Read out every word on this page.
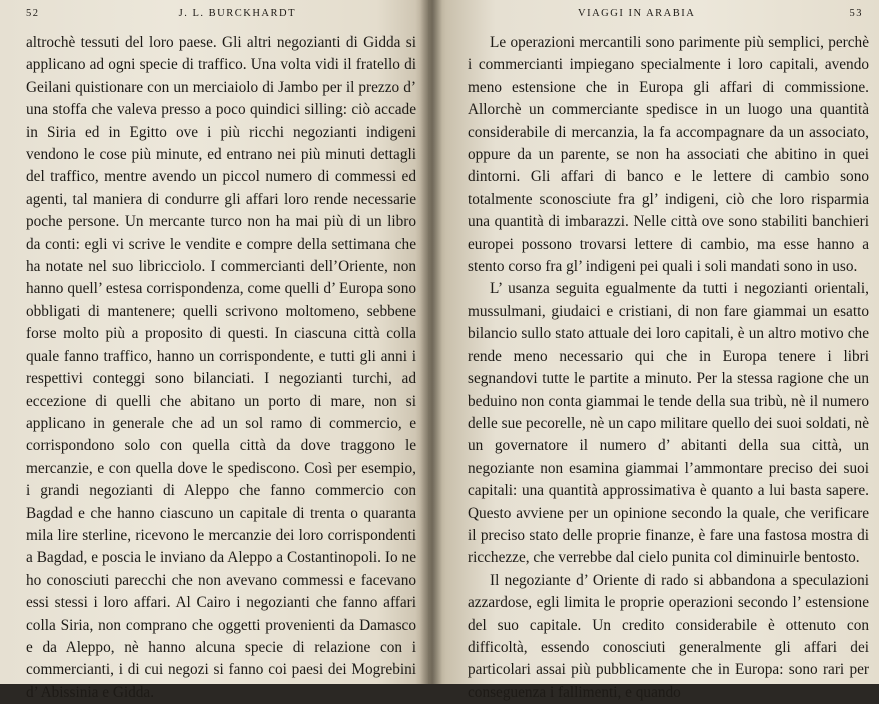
52	J. L. BURCKHARDT

altrochè tessuti del loro paese. Gli altri negozianti di Gidda si applicano ad ogni specie di traffico. Una volta vidi il fratello di Geilani quistionare con un merciaiolo di Jambo per il prezzo d’ una stoffa che valeva presso a poco quindici silling: ciò accade in Siria ed in Egitto ove i più ricchi negozianti indigeni vendono le cose più minute, ed entrano nei più minuti dettagli del traffico, mentre avendo un piccol numero di commessi ed agenti, tal maniera di condurre gli affari loro rende necessarie poche persone. Un mercante turco non ha mai più di un libro da conti: egli vi scrive le vendite e compre della settimana che ha notate nel suo libricciolo. I commercianti dell’Oriente, non hanno quell’ estesa corrispondenza, come quelli d’ Europa sono obbligati di mantenere; quelli scrivono moltomeno, sebbene forse molto più a proposito di questi. In ciascuna città colla quale fanno traffico, hanno un corrispondente, e tutti gli anni i respettivi conteggi sono bilanciati. I negozianti turchi, ad eccezione di quelli che abitano un porto di mare, non si applicano in generale che ad un sol ramo di commercio, e corrispondono solo con quella città da dove traggono le mercanzie, e con quella dove le spediscono. Così per esempio, i grandi negozianti di Aleppo che fanno commercio con Bagdad e che hanno ciascuno un capitale di trenta o quaranta mila lire sterline, ricevono le mercanzie dei loro corrispondenti a Bagdad, e poscia le inviano da Aleppo a Costantinopoli. Io ne ho conosciuti parecchi che non avevano commessi e facevano essi stessi i loro affari. Al Cairo i negozianti che fanno affari colla Siria, non comprano che oggetti provenienti da Damasco e da Aleppo, nè hanno alcuna specie di relazione con i commercianti, i di cui negozi si fanno coi paesi dei Mogrebini d’ Abissinia e Gidda.

VIAGGI IN ARABIA	53

Le operazioni mercantili sono parimente più semplici, perchè i commercianti impiegano specialmente i loro capitali, avendo meno estensione che in Europa gli affari di commissione. Allorchè un commerciante spedisce in un luogo una quantità considerabile di mercanzia, la fa accompagnare da un associato, oppure da un parente, se non ha associati che abitino in quei dintorni. Gli affari di banco e le lettere di cambio sono totalmente sconosciute fra gl’ indigeni, ciò che loro risparmia una quantità di imbarazzi. Nelle città ove sono stabiliti banchieri europei possono trovarsi lettere di cambio, ma esse hanno a stento corso fra gl’ indigeni pei quali i soli mandati sono in uso.

L’ usanza seguita egualmente da tutti i negozianti orientali, mussulmani, giudaici e cristiani, di non fare giammai un esatto bilancio sullo stato attuale dei loro capitali, è un altro motivo che rende meno necessario qui che in Europa tenere i libri segnandovi tutte le partite a minuto. Per la stessa ragione che un beduino non conta giammai le tende della sua tribù, nè il numero delle sue pecorelle, nè un capo militare quello dei suoi soldati, nè un governatore il numero d’ abitanti della sua città, un negoziante non esamina giammai l’ammontare preciso dei suoi capitali: una quantità approssimativa è quanto a lui basta sapere. Questo avviene per un opinione secondo la quale, che verificare il preciso stato delle proprie finanze, è fare una fastosa mostra di ricchezze, che verrebbe dal cielo punita col diminuirle bentosto.

Il negoziante d’ Oriente di rado si abbandona a speculazioni azzardose, egli limita le proprie operazioni secondo l’ estensione del suo capitale. Un credito considerabile è ottenuto con difficoltà, essendo conosciuti generalmente gli affari dei particolari assai più pubblicamente che in Europa: sono rari per conseguenza i fallimenti, e quando
